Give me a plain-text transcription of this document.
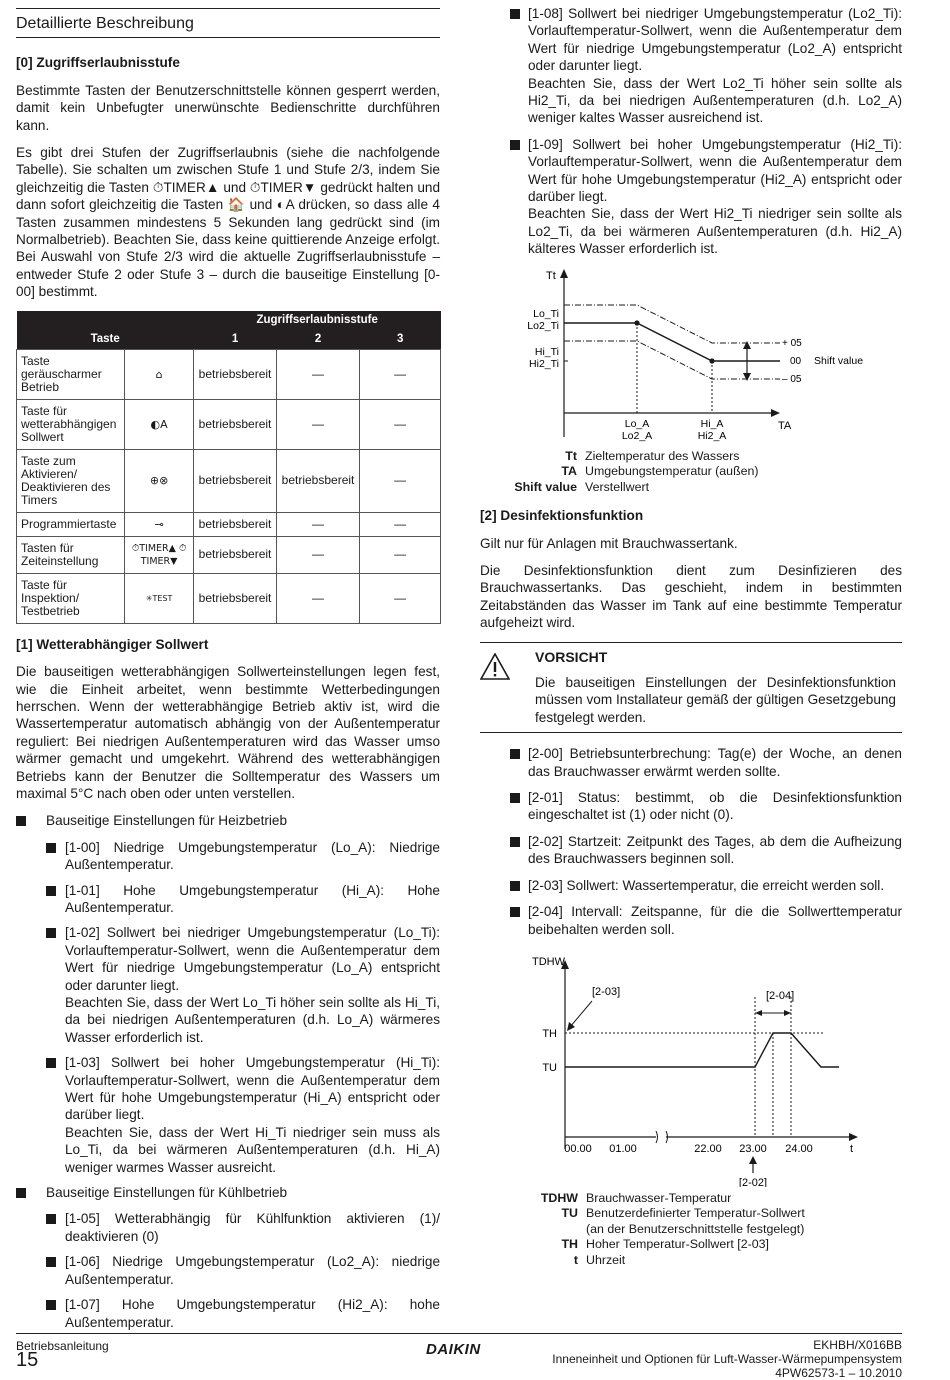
Detaillierte Beschreibung
[0] Zugriffserlaubnisstufe

Bestimmte Tasten der Benutzerschnittstelle können gesperrt werden, damit kein Unbefugter unerwünschte Bedienschritte durchführen kann.

Es gibt drei Stufen der Zugriffserlaubnis (siehe die nachfolgende Tabelle). Sie schalten um zwischen Stufe 1 und Stufe 2/3, indem Sie gleichzeitig die Tasten ⏱TIMER▲ und ⏱TIMER▼ gedrückt halten und dann sofort gleichzeitig die Tasten 🏠 und ◐A drücken, so dass alle 4 Tasten zusammen mindestens 5 Sekunden lang gedrückt sind (im Normalbetrieb). Beachten Sie, dass keine quittierende Anzeige erfolgt. Bei Auswahl von Stufe 2/3 wird die aktuelle Zugriffserlaubnisstufe – entweder Stufe 2 oder Stufe 3 – durch die bauseitige Einstellung [0-00] bestimmt.

		Zugriffserlaubnisstufe		
Taste		1	2	3
Taste geräuscharmer Betrieb	⌂	betriebsbereit	—	—
Taste für wetterabhängigen Sollwert	◐A	betriebsbereit	—	—
Taste zum Aktivieren/ Deaktivieren des Timers	⊕⊗	betriebsbereit	betriebsbereit	—
Programmiertaste	⊸	betriebsbereit	—	—
Tasten für Zeiteinstellung	⏱TIMER▲ ⏱TIMER▼	betriebsbereit	—	—
Taste für Inspektion/ Testbetrieb	✳TEST	betriebsbereit	—	—
[1] Wetterabhängiger Sollwert

Die bauseitigen wetterabhängigen Sollwerteinstellungen legen fest, wie die Einheit arbeitet, wenn bestimmte Wetterbedingungen herrschen. Wenn der wetterabhängige Betrieb aktiv ist, wird die Wassertemperatur automatisch abhängig von der Außentemperatur reguliert: Bei niedrigen Außentemperaturen wird das Wasser umso wärmer gemacht und umgekehrt. Während des wetterabhängigen Betriebs kann der Benutzer die Solltemperatur des Wassers um maximal 5°C nach oben oder unten verstellen.

Bauseitige Einstellungen für Heizbetrieb
[1-00] Niedrige Umgebungstemperatur (Lo_A): Niedrige Außentemperatur.
[1-01] Hohe Umgebungstemperatur (Hi_A): Hohe Außentemperatur.
[1-02] Sollwert bei niedriger Umgebungstemperatur (Lo_Ti): Vorlauftemperatur-Sollwert, wenn die Außentemperatur dem Wert für niedrige Umgebungstemperatur (Lo_A) entspricht oder darunter liegt.
Beachten Sie, dass der Wert Lo_Ti höher sein sollte als Hi_Ti, da bei niedrigen Außentemperaturen (d.h. Lo_A) wärmeres Wasser erforderlich ist.
[1-03] Sollwert bei hoher Umgebungstemperatur (Hi_Ti): Vorlauftemperatur-Sollwert, wenn die Außentemperatur dem Wert für hohe Umgebungstemperatur (Hi_A) entspricht oder darüber liegt.
Beachten Sie, dass der Wert Hi_Ti niedriger sein muss als Lo_Ti, da bei wärmeren Außentemperaturen (d.h. Hi_A) weniger warmes Wasser ausreicht.
Bauseitige Einstellungen für Kühlbetrieb
[1-05] Wetterabhängig für Kühlfunktion aktivieren (1)/ deaktivieren (0)
[1-06] Niedrige Umgebungstemperatur (Lo2_A): niedrige Außentemperatur.
[1-07] Hohe Umgebungstemperatur (Hi2_A): hohe Außentemperatur.
[1-08] Sollwert bei niedriger Umgebungstemperatur (Lo2_Ti): Vorlauftemperatur-Sollwert, wenn die Außentemperatur dem Wert für niedrige Umgebungstemperatur (Lo2_A) entspricht oder darunter liegt.
Beachten Sie, dass der Wert Lo2_Ti höher sein sollte als Hi2_Ti, da bei niedrigen Außentemperaturen (d.h. Lo2_A) weniger kaltes Wasser ausreichend ist.
[1-09] Sollwert bei hoher Umgebungstemperatur (Hi2_Ti): Vorlauftemperatur-Sollwert, wenn die Außentemperatur dem Wert für hohe Umgebungstemperatur (Hi2_A) entspricht oder darüber liegt.
Beachten Sie, dass der Wert Hi2_Ti niedriger sein sollte als Lo2_Ti, da bei wärmeren Außentemperaturen (d.h. Hi2_A) kälteres Wasser erforderlich ist.
Tt
TA
Lo_Ti
Lo2_Ti
Hi_Ti
Hi2_Ti
+ 05
00
– 05
Shift value
Lo_A
Lo2_A
Hi_A
Hi2_A
Tt Zieltemperatur des Wassers
TA Umgebungstemperatur (außen)
Shift value Verstellwert
[2] Desinfektionsfunktion

Gilt nur für Anlagen mit Brauchwassertank.

Die Desinfektionsfunktion dient zum Desinfizieren des Brauchwassertanks. Das geschieht, indem in bestimmten Zeitabständen das Wasser im Tank auf eine bestimmte Temperatur aufgeheizt wird.

VORSICHT

Die bauseitigen Einstellungen der Desinfektionsfunktion müssen vom Installateur gemäß der gültigen Gesetzgebung festgelegt werden.

[2-00] Betriebsunterbrechung: Tag(e) der Woche, an denen das Brauchwasser erwärmt werden sollte.
[2-01] Status: bestimmt, ob die Desinfektionsfunktion eingeschaltet ist (1) oder nicht (0).
[2-02] Startzeit: Zeitpunkt des Tages, ab dem die Aufheizung des Brauchwassers beginnen soll.
[2-03] Sollwert: Wassertemperatur, die erreicht werden soll.
[2-04] Intervall: Zeitspanne, für die die Sollwerttemperatur beibehalten werden soll.
TDHW
TH
TU
[2-04]
[2-03]
00.00 01.00	22.00 23.00 24.00	t
[2-02]
TDHW Brauchwasser-Temperatur
TU Benutzerdefinierter Temperatur-Sollwert (an der Benutzerschnittstelle festgelegt)
TH Hoher Temperatur-Sollwert [2-03]
t Uhrzeit
Betriebsanleitung
15	DAIKIN	EKHBH/X016BB
Inneneinheit und Optionen für Luft-Wasser-Wärmepumpensystem
4PW62573-1 – 10.2010
